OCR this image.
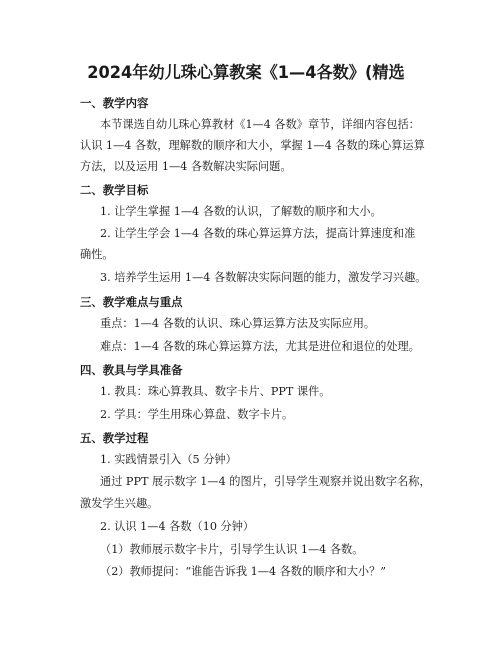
2024年幼儿珠心算教案《1—4各数》(精选
一、教学内容
本节课选自幼儿珠心算教材《1—4 各数》章节，详细内容包括：
认识 1—4 各数，理解数的顺序和大小，掌握 1—4 各数的珠心算运算
方法，以及运用 1—4 各数解决实际问题。
二、教学目标
1. 让学生掌握 1—4 各数的认识，了解数的顺序和大小。
2. 让学生学会 1—4 各数的珠心算运算方法，提高计算速度和准
确性。
3. 培养学生运用 1—4 各数解决实际问题的能力，激发学习兴趣。
三、教学难点与重点
重点：1—4 各数的认识、珠心算运算方法及实际应用。
难点：1—4 各数的珠心算运算方法，尤其是进位和退位的处理。
四、教具与学具准备
1. 教具：珠心算教具、数字卡片、PPT 课件。
2. 学具：学生用珠心算盘、数字卡片。
五、教学过程
1. 实践情景引入（5 分钟）
通过 PPT 展示数字 1—4 的图片，引导学生观察并说出数字名称，
激发学生兴趣。
2. 认识 1—4 各数（10 分钟）
（1）教师展示数字卡片，引导学生认识 1—4 各数。
（2）教师提问：“谁能告诉我 1—4 各数的顺序和大小？”
